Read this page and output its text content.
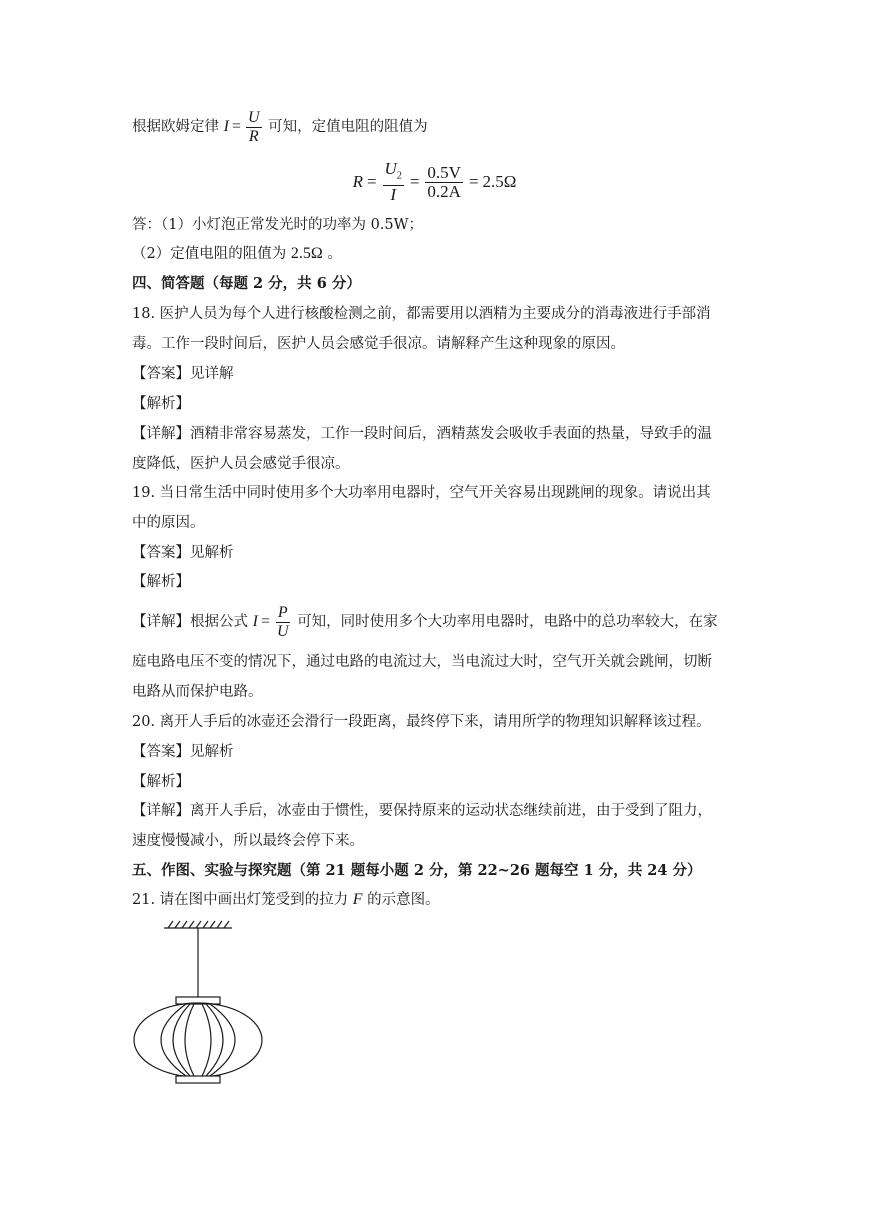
根据欧姆定律 $I = \frac{U}{R}$ 可知，定值电阻的阻值为
$R = \frac{U_2}{I} = \frac{0.5V}{0.2A} = 2.5\Omega$
答：（1）小灯泡正常发光时的功率为 0.5W；
（2）定值电阻的阻值为 2.5Ω 。
四、简答题（每题 2 分，共 6 分）
18. 医护人员为每个人进行核酸检测之前，都需要用以酒精为主要成分的消毒液进行手部消
毒。工作一段时间后，医护人员会感觉手很凉。请解释产生这种现象的原因。
【答案】见详解
【解析】
【详解】酒精非常容易蒸发，工作一段时间后，酒精蒸发会吸收手表面的热量，导致手的温
度降低，医护人员会感觉手很凉。
19. 当日常生活中同时使用多个大功率用电器时，空气开关容易出现跳闸的现象。请说出其
中的原因。
【答案】见解析
【解析】
【详解】根据公式 $I = \frac{P}{U}$ 可知，同时使用多个大功率用电器时，电路中的总功率较大，在家
庭电路电压不变的情况下，通过电路的电流过大，当电流过大时，空气开关就会跳闸，切断
电路从而保护电路。
20. 离开人手后的冰壶还会滑行一段距离，最终停下来，请用所学的物理知识解释该过程。
【答案】见解析
【解析】
【详解】离开人手后，冰壶由于惯性，要保持原来的运动状态继续前进，由于受到了阻力，
速度慢慢减小，所以最终会停下来。
五、作图、实验与探究题（第 21 题每小题 2 分，第 22~26 题每空 1 分，共 24 分）
21. 请在图中画出灯笼受到的拉力 F 的示意图。
